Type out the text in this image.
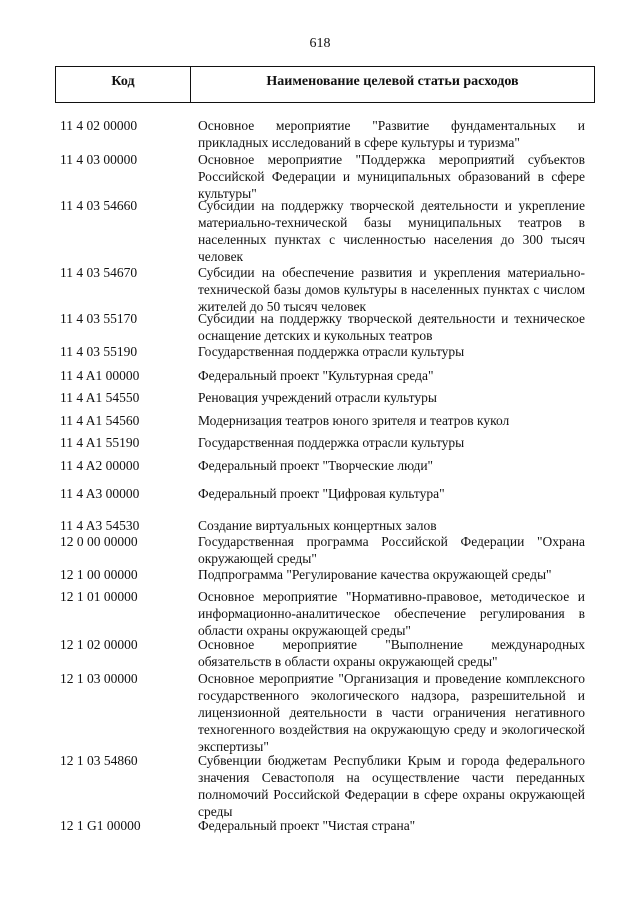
618
Код	Наименование целевой статьи расходов
11 4 02 00000	Основное мероприятие "Развитие фундаментальных и прикладных исследований в сфере культуры и туризма"
11 4 03 00000	Основное мероприятие "Поддержка мероприятий субъектов Российской Федерации и муниципальных образований в сфере культуры"
11 4 03 54660	Субсидии на поддержку творческой деятельности и укрепление материально-технической базы муниципальных театров в населенных пунктах с численностью населения до 300 тысяч человек
11 4 03 54670	Субсидии на обеспечение развития и укрепления материально-технической базы домов культуры в населенных пунктах с числом жителей до 50 тысяч человек
11 4 03 55170	Субсидии на поддержку творческой деятельности и техническое оснащение детских и кукольных театров
11 4 03 55190	Государственная поддержка отрасли культуры
11 4 A1 00000	Федеральный проект "Культурная среда"
11 4 A1 54550	Реновация учреждений отрасли культуры
11 4 A1 54560	Модернизация театров юного зрителя и театров кукол
11 4 A1 55190	Государственная поддержка отрасли культуры
11 4 A2 00000	Федеральный проект "Творческие люди"
11 4 A3 00000	Федеральный проект "Цифровая культура"
11 4 A3 54530	Создание виртуальных концертных залов
12 0 00 00000	Государственная программа Российской Федерации "Охрана окружающей среды"
12 1 00 00000	Подпрограмма "Регулирование качества окружающей среды"
12 1 01 00000	Основное мероприятие "Нормативно-правовое, методическое и информационно-аналитическое обеспечение регулирования в области охраны окружающей среды"
12 1 02 00000	Основное мероприятие "Выполнение международных обязательств в области охраны окружающей среды"
12 1 03 00000	Основное мероприятие "Организация и проведение комплексного государственного экологического надзора, разрешительной и лицензионной деятельности в части ограничения негативного техногенного воздействия на окружающую среду и экологической экспертизы"
12 1 03 54860	Субвенции бюджетам Республики Крым и города федерального значения Севастополя на осуществление части переданных полномочий Российской Федерации в сфере охраны окружающей среды
12 1 G1 00000	Федеральный проект "Чистая страна"
